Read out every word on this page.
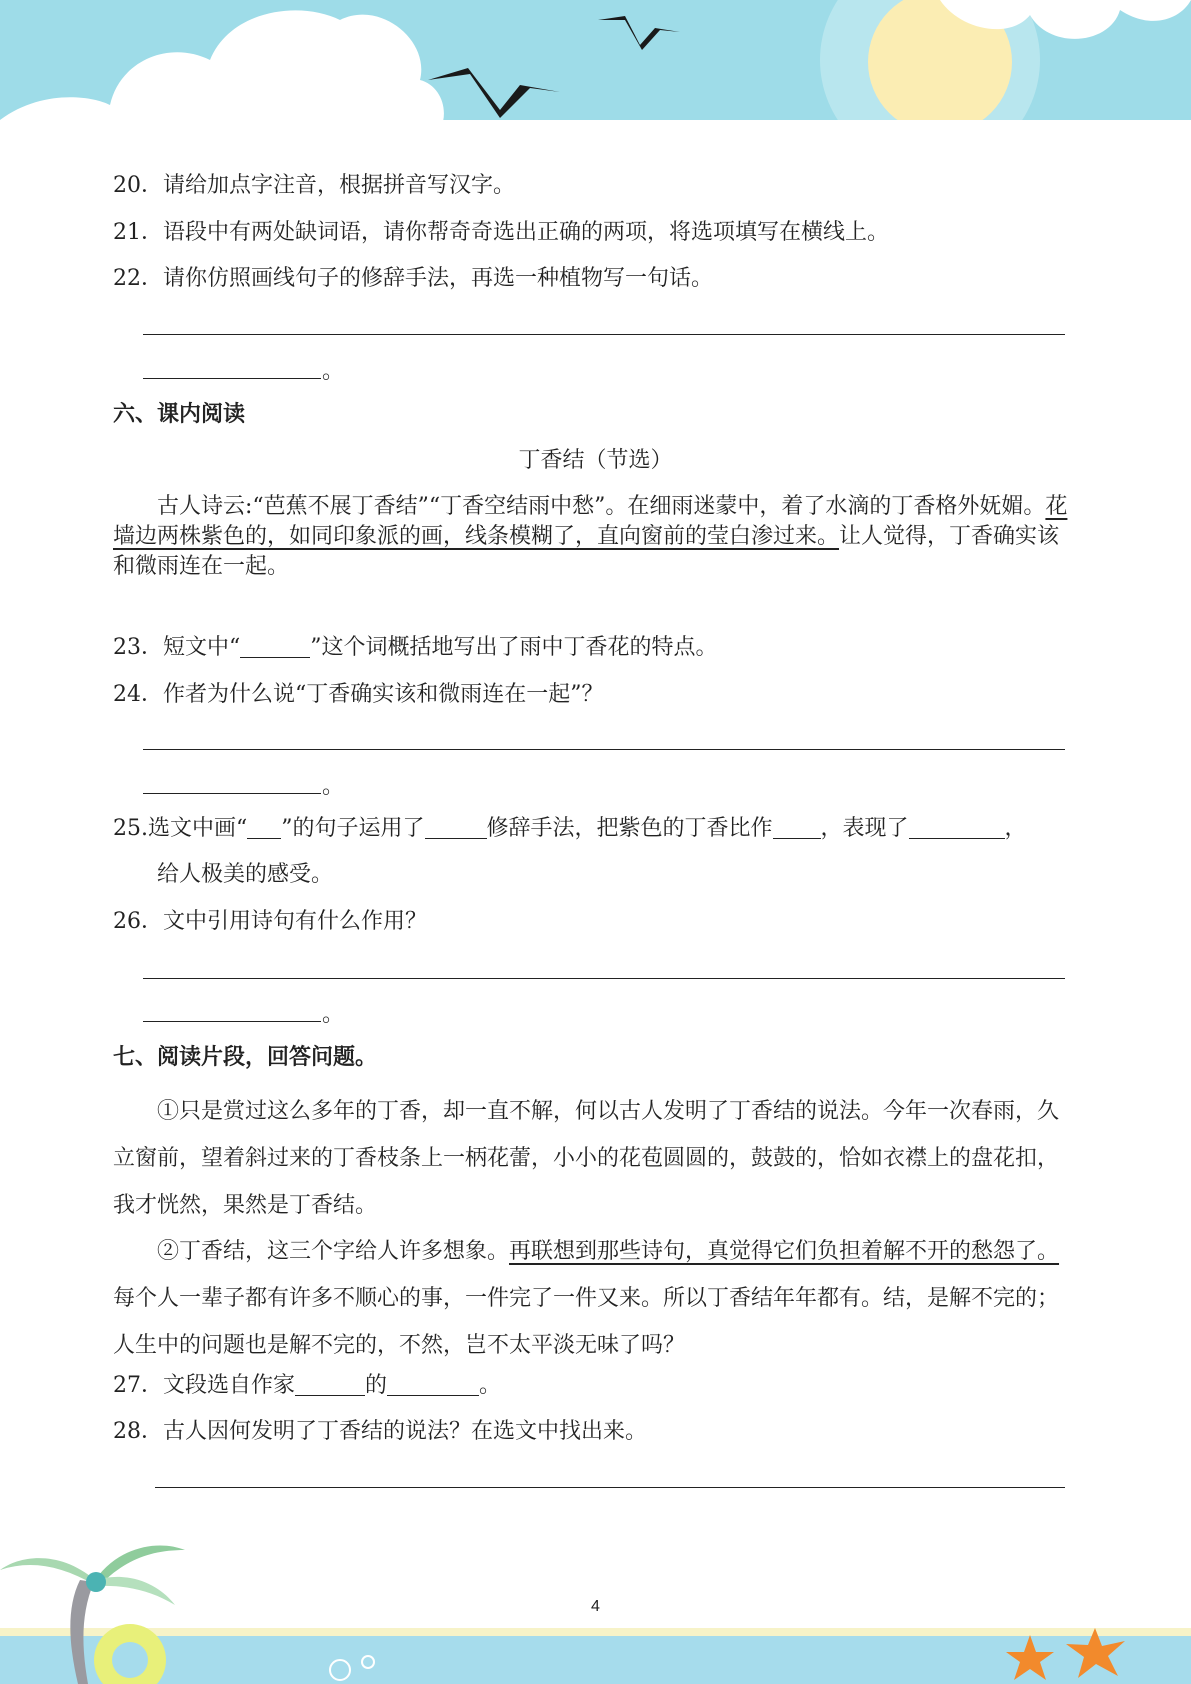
20．请给加点字注音，根据拼音写汉字。
21．语段中有两处缺词语，请你帮奇奇选出正确的两项，将选项填写在横线上。
22．请你仿照画线句子的修辞手法，再选一种植物写一句话。
。
六、课内阅读
丁香结（节选）
古人诗云:“芭蕉不展丁香结”“丁香空结雨中愁”。在细雨迷蒙中，着了水滴的丁香格外妩媚。花墙边两株紫色的，如同印象派的画，线条模糊了，直向窗前的莹白渗过来。让人觉得，丁香确实该和微雨连在一起。
23．短文中“	”这个词概括地写出了雨中丁香花的特点。
24．作者为什么说“丁香确实该和微雨连在一起”？
。
25.选文中画“ ”的句子运用了	修辞手法，把紫色的丁香比作 ，表现了	，
给人极美的感受。
26．文中引用诗句有什么作用？
。
七、阅读片段，回答问题。
①只是赏过这么多年的丁香，却一直不解，何以古人发明了丁香结的说法。今年一次春雨，久立窗前，望着斜过来的丁香枝条上一柄花蕾，小小的花苞圆圆的，鼓鼓的，恰如衣襟上的盘花扣，我才恍然，果然是丁香结。
②丁香结，这三个字给人许多想象。再联想到那些诗句，真觉得它们负担着解不开的愁怨了。每个人一辈子都有许多不顺心的事，一件完了一件又来。所以丁香结年年都有。结，是解不完的；人生中的问题也是解不完的，不然，岂不太平淡无味了吗？
27．文段选自作家	的	。
28．古人因何发明了丁香结的说法？在选文中找出来。
4
